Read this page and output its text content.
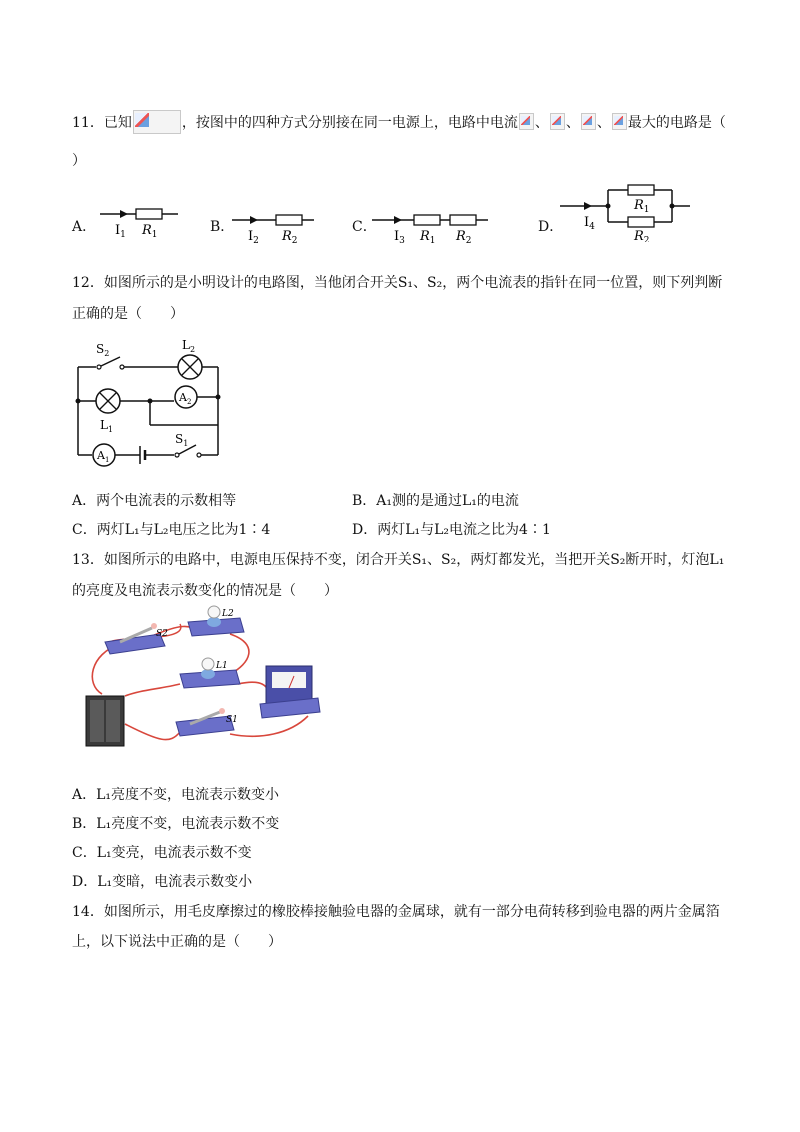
11．已知	，按图中的四种方式分别接在同一电源上，电路中电流 、 、 、 最大的电路是（
）
A． $I_1$ $R_1$	B．
$I_2$ $R_2$
C．
$I_3$ $R_1$ $R_2$
D．
$R_1$
$R_2$
$I_4$
12．如图所示的是小明设计的电路图，当他闭合开关S₁、S₂，两个电流表的指针在同一位置，则下列判断
正确的是（　　）
$S_2$
$L_2$
$L_1$
$A_2$
$A_1$
$S_1$
A．两个电流表的示数相等	B．A₁测的是通过L₁的电流
C．两灯L₁与L₂电压之比为1∶4	D．两灯L₁与L₂电流之比为4∶1
13．如图所示的电路中，电源电压保持不变，闭合开关S₁、S₂，两灯都发光，当把开关S₂断开时，灯泡L₁
的亮度及电流表示数变化的情况是（　　）
S2
L2
L1
S1
A．L₁亮度不变，电流表示数变小
B．L₁亮度不变，电流表示数不变
C．L₁变亮，电流表示数不变
D．L₁变暗，电流表示数变小
14．如图所示，用毛皮摩擦过的橡胶棒接触验电器的金属球，就有一部分电荷转移到验电器的两片金属箔
上，以下说法中正确的是（　　）
